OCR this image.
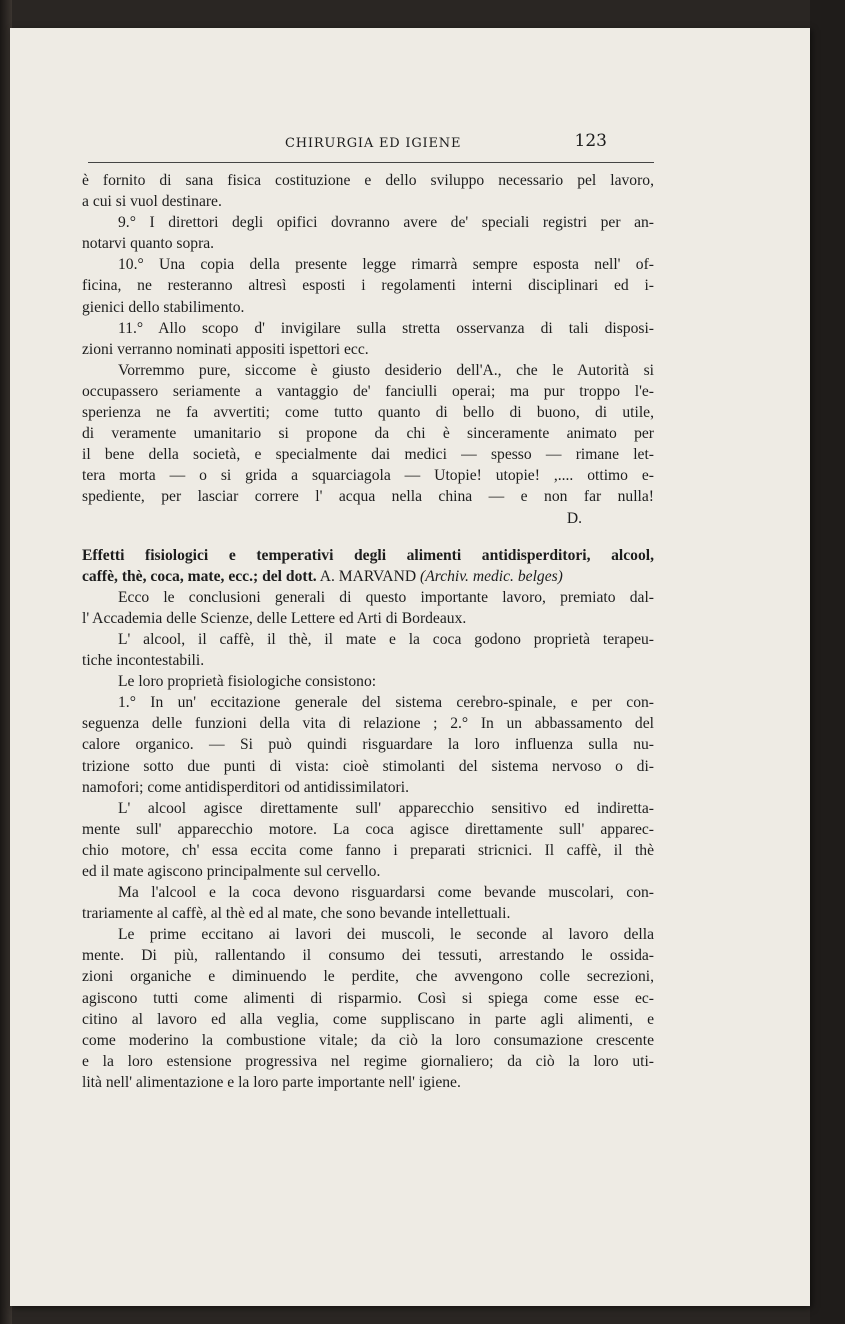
CHIRURGIA ED IGIENE	123
è fornito di sana fisica costituzione e dello sviluppo necessario pel lavoro,
a cui si vuol destinare.
9.° I direttori degli opifici dovranno avere de' speciali registri per an-
notarvi quanto sopra.
10.° Una copia della presente legge rimarrà sempre esposta nell' of-
ficina, ne resteranno altresì esposti i regolamenti interni disciplinari ed i-
gienici dello stabilimento.
11.° Allo scopo d' invigilare sulla stretta osservanza di tali disposi-
zioni verranno nominati appositi ispettori ecc.
Vorremmo pure, siccome è giusto desiderio dell'A., che le Autorità si
occupassero seriamente a vantaggio de' fanciulli operai; ma pur troppo l'e-
sperienza ne fa avvertiti; come tutto quanto di bello di buono, di utile,
di veramente umanitario si propone da chi è sinceramente animato per
il bene della società, e specialmente dai medici — spesso — rimane let-
tera morta — o si grida a squarciagola — Utopie! utopie! ,.... ottimo e-
spediente, per lasciar correre l' acqua nella china — e non far nulla!
D.
Effetti fisiologici e temperativi degli alimenti antidisperditori, alcool,
caffè, thè, coca, mate, ecc.; del dott. A. MARVAND (Archiv. medic. belges)
Ecco le conclusioni generali di questo importante lavoro, premiato dal-
l' Accademia delle Scienze, delle Lettere ed Arti di Bordeaux.
L' alcool, il caffè, il thè, il mate e la coca godono proprietà terapeu-
tiche incontestabili.
Le loro proprietà fisiologiche consistono:
1.° In un' eccitazione generale del sistema cerebro-spinale, e per con-
seguenza delle funzioni della vita di relazione ; 2.° In un abbassamento del
calore organico. — Si può quindi risguardare la loro influenza sulla nu-
trizione sotto due punti di vista: cioè stimolanti del sistema nervoso o di-
namofori; come antidisperditori od antidissimilatori.
L' alcool agisce direttamente sull' apparecchio sensitivo ed indiretta-
mente sull' apparecchio motore. La coca agisce direttamente sull' apparec-
chio motore, ch' essa eccita come fanno i preparati stricnici. Il caffè, il thè
ed il mate agiscono principalmente sul cervello.
Ma l'alcool e la coca devono risguardarsi come bevande muscolari, con-
trariamente al caffè, al thè ed al mate, che sono bevande intellettuali.
Le prime eccitano ai lavori dei muscoli, le seconde al lavoro della
mente. Di più, rallentando il consumo dei tessuti, arrestando le ossida-
zioni organiche e diminuendo le perdite, che avvengono colle secrezioni,
agiscono tutti come alimenti di risparmio. Così si spiega come esse ec-
citino al lavoro ed alla veglia, come suppliscano in parte agli alimenti, e
come moderino la combustione vitale; da ciò la loro consumazione crescente
e la loro estensione progressiva nel regime giornaliero; da ciò la loro uti-
lità nell' alimentazione e la loro parte importante nell' igiene.
